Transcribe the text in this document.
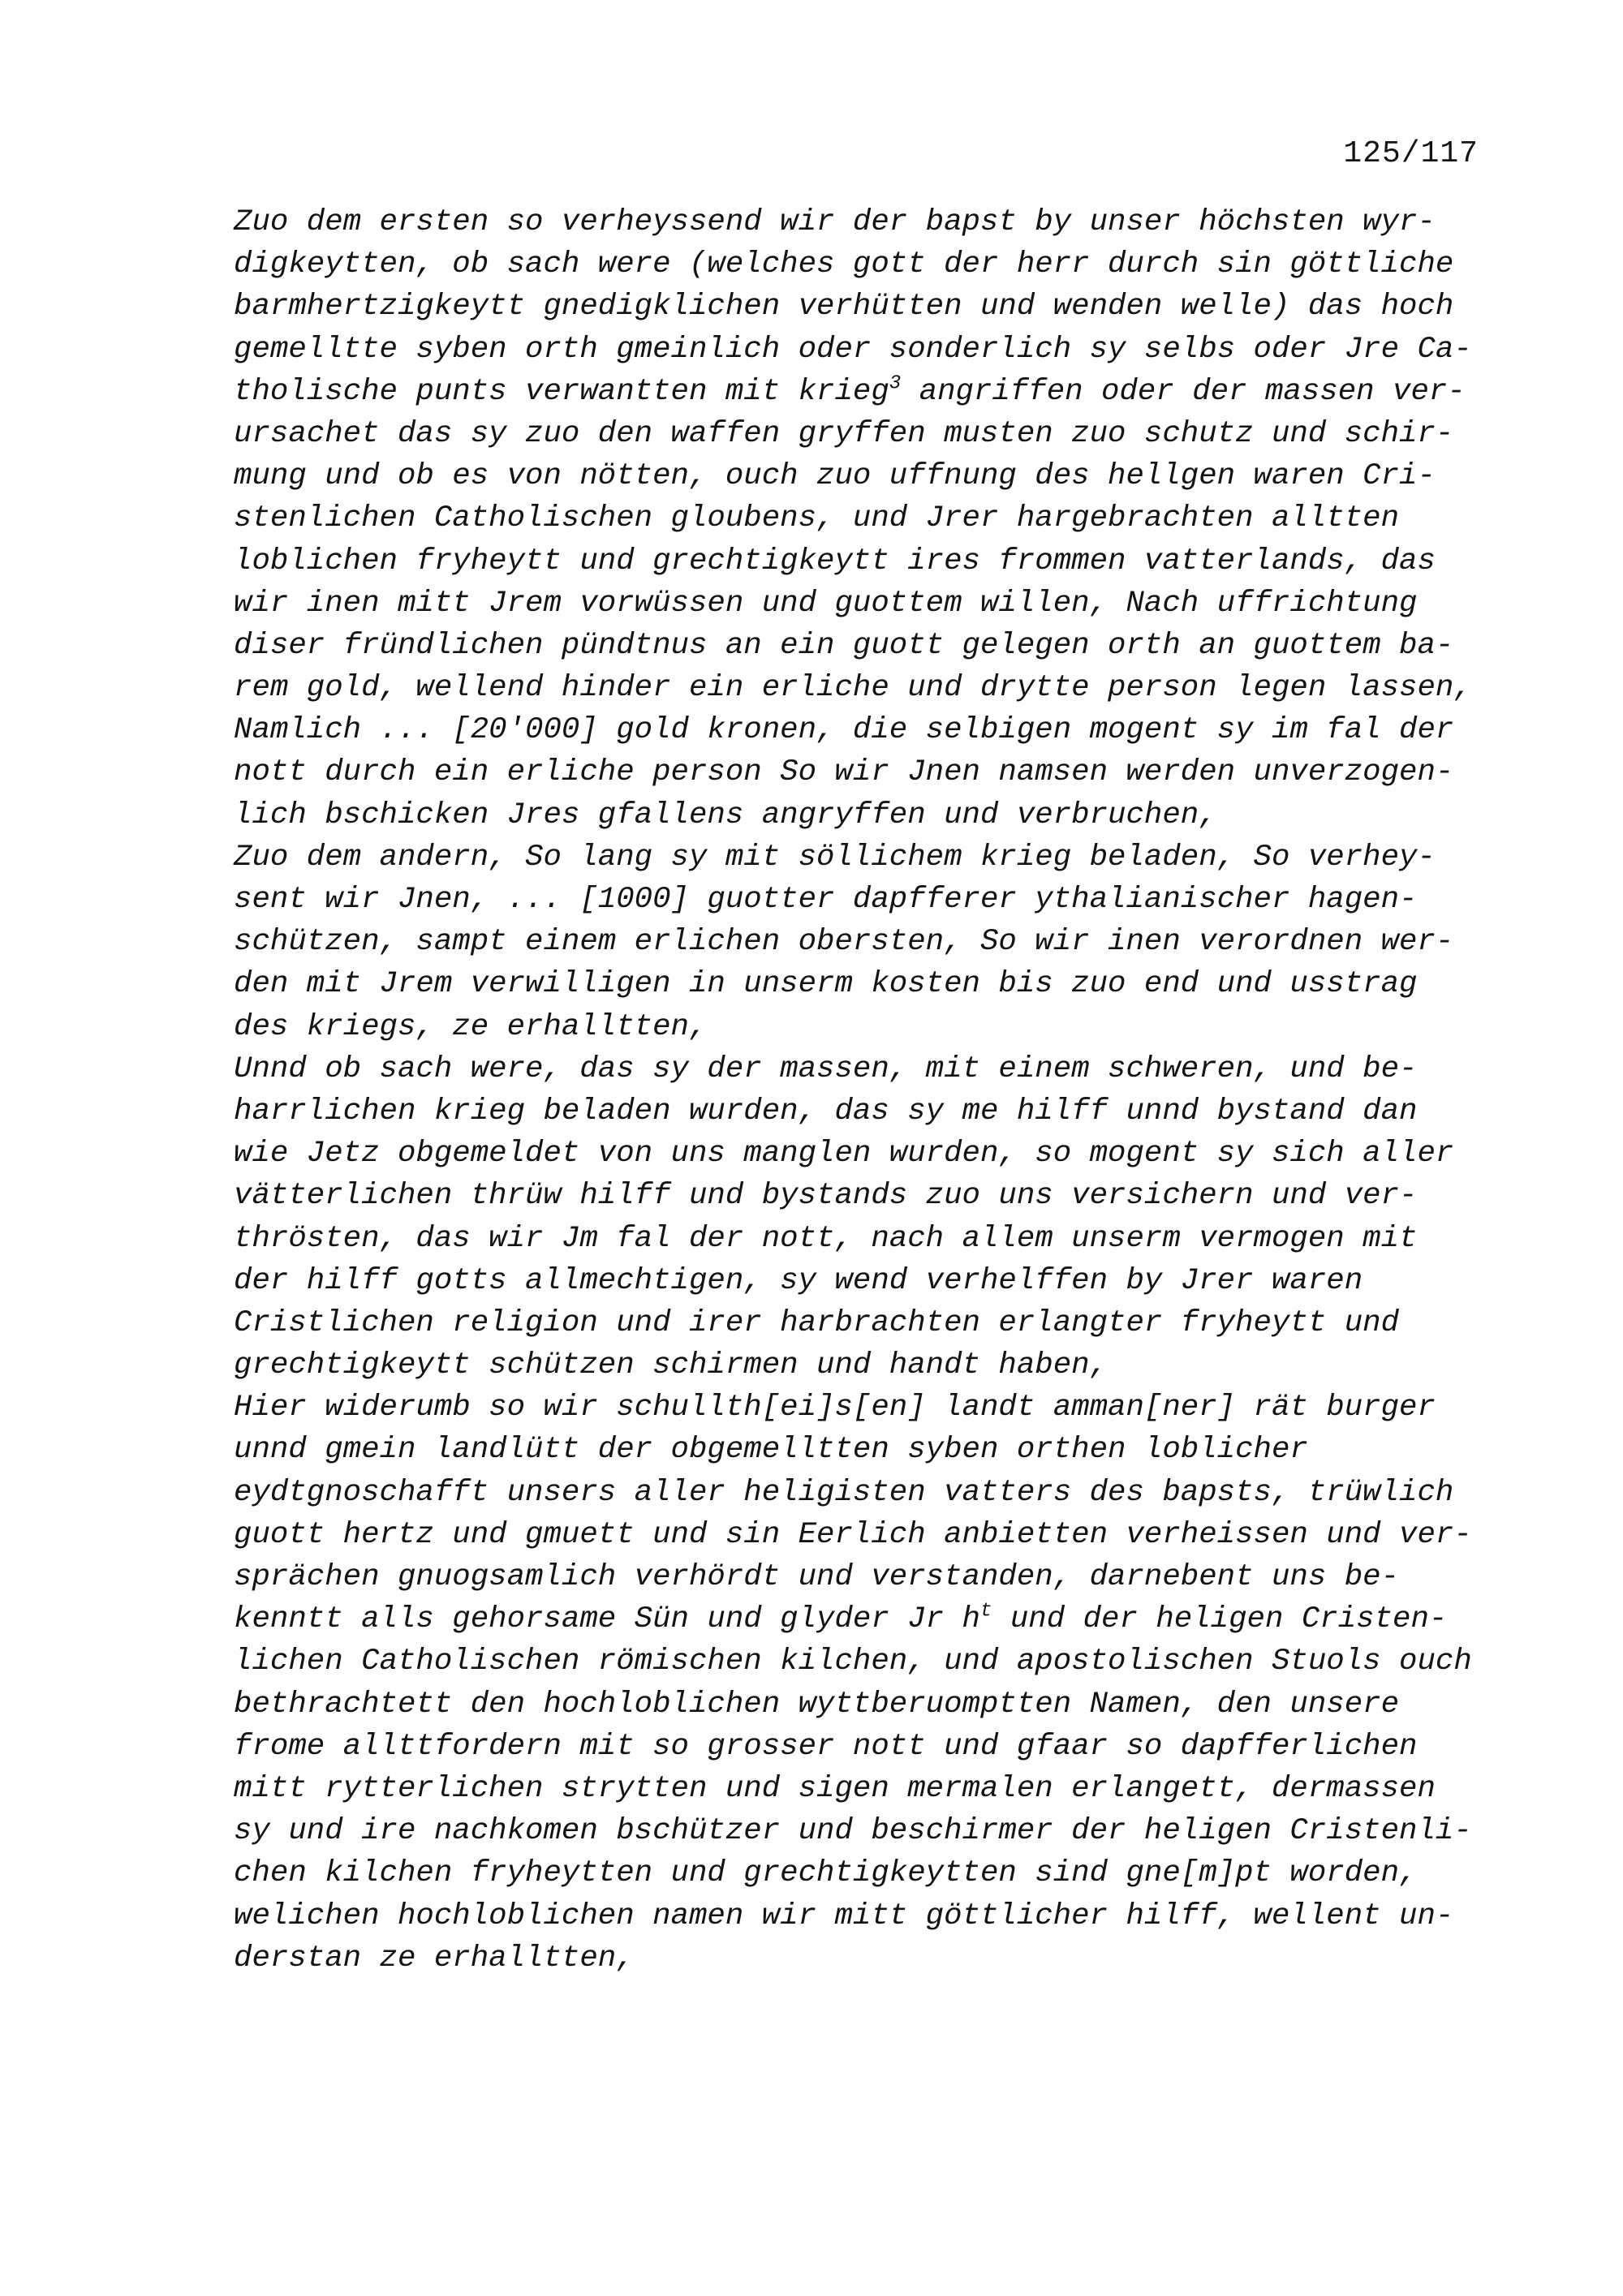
125/117
Zuo dem ersten so verheyssend wir der bapst by unser höchsten wyr-
digkeytten, ob sach were (welches gott der herr durch sin göttliche
barmhertzigkeytt gnedigklichen verhütten und wenden welle) das hoch
gemelltte syben orth gmeinlich oder sonderlich sy selbs oder Jre Ca-
tholische punts verwantten mit krieg$^3$ angriffen oder der massen ver-
ursachet das sy zuo den waffen gryffen musten zuo schutz und schir-
mung und ob es von nötten, ouch zuo uffnung des hellgen waren Cri-
stenlichen Catholischen gloubens, und Jrer hargebrachten alltten
loblichen fryheytt und grechtigkeytt ires frommen vatterlands, das
wir inen mitt Jrem vorwüssen und guottem willen, Nach uffrichtung
diser fründlichen pündtnus an ein guott gelegen orth an guottem ba-
rem gold, wellend hinder ein erliche und drytte person legen lassen,
Namlich ... [20'000] gold kronen, die selbigen mogent sy im fal der
nott durch ein erliche person So wir Jnen namsen werden unverzogen-
lich bschicken Jres gfallens angryffen und verbruchen,
Zuo dem andern, So lang sy mit söllichem krieg beladen, So verhey-
sent wir Jnen, ... [1000] guotter dapfferer ythalianischer hagen-
schützen, sampt einem erlichen obersten, So wir inen verordnen wer-
den mit Jrem verwilligen in unserm kosten bis zuo end und usstrag
des kriegs, ze erhalltten,
Unnd ob sach were, das sy der massen, mit einem schweren, und be-
harrlichen krieg beladen wurden, das sy me hilff unnd bystand dan
wie Jetz obgemeldet von uns manglen wurden, so mogent sy sich aller
vätterlichen thrüw hilff und bystands zuo uns versichern und ver-
thrösten, das wir Jm fal der nott, nach allem unserm vermogen mit
der hilff gotts allmechtigen, sy wend verhelffen by Jrer waren
Cristlichen religion und irer harbrachten erlangter fryheytt und
grechtigkeytt schützen schirmen und handt haben,
Hier widerumb so wir schullth[ei]s[en] landt amman[ner] rät burger
unnd gmein landlütt der obgemelltten syben orthen loblicher
eydtgnoschafft unsers aller heligisten vatters des bapsts, trüwlich
guott hertz und gmuett und sin Eerlich anbietten verheissen und ver-
sprächen gnuogsamlich verhördt und verstanden, darnebent uns be-
kenntt alls gehorsame Sün und glyder Jr $h^t$ und der heligen Cristen-
lichen Catholischen römischen kilchen, und apostolischen Stuols ouch
bethrachtett den hochloblichen wyttberuomptten Namen, den unsere
frome allttfordern mit so grosser nott und gfaar so dapfferlichen
mitt rytterlichen strytten und sigen mermalen erlangett, dermassen
sy und ire nachkomen bschützer und beschirmer der heligen Cristenli-
chen kilchen fryheytten und grechtigkeytten sind gne[m]pt worden,
welichen hochloblichen namen wir mitt göttlicher hilff, wellent un-
derstan ze erhalltten,
